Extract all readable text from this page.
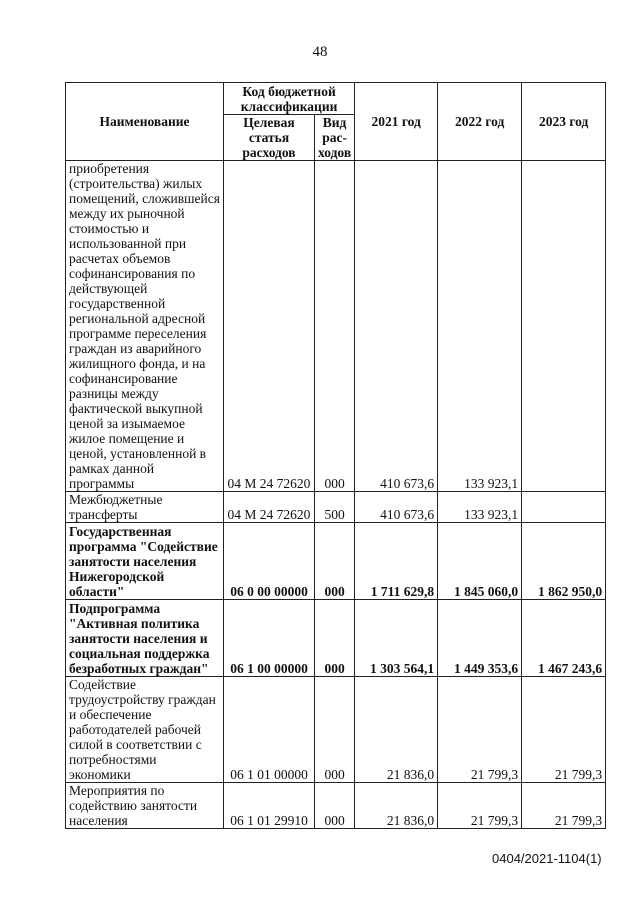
48
Наименование	Код бюджетной классификации		2021 год	2022 год	2023 год
	Целевая статья расходов	Вид рас-ходов			
приобретения (строительства) жилых помещений, сложившейся между их рыночной стоимостью и использованной при расчетах объемов софинансирования по действующей государственной региональной адресной программе переселения граждан из аварийного жилищного фонда, и на софинансирование разницы между фактической выкупной ценой за изымаемое жилое помещение и ценой, установленной в рамках данной программы	04 М 24 72620	000	410 673,6	133 923,1	
Межбюджетные трансферты	04 М 24 72620	500	410 673,6	133 923,1	
Государственная программа "Содействие занятости населения Нижегородской области"	06 0 00 00000	000	1 711 629,8	1 845 060,0	1 862 950,0
Подпрограмма "Активная политика занятости населения и социальная поддержка безработных граждан"	06 1 00 00000	000	1 303 564,1	1 449 353,6	1 467 243,6
Содействие трудоустройству граждан и обеспечение работодателей рабочей силой в соответствии с потребностями экономики	06 1 01 00000	000	21 836,0	21 799,3	21 799,3
Мероприятия по содействию занятости населения	06 1 01 29910	000	21 836,0	21 799,3	21 799,3
0404/2021-1104(1)
